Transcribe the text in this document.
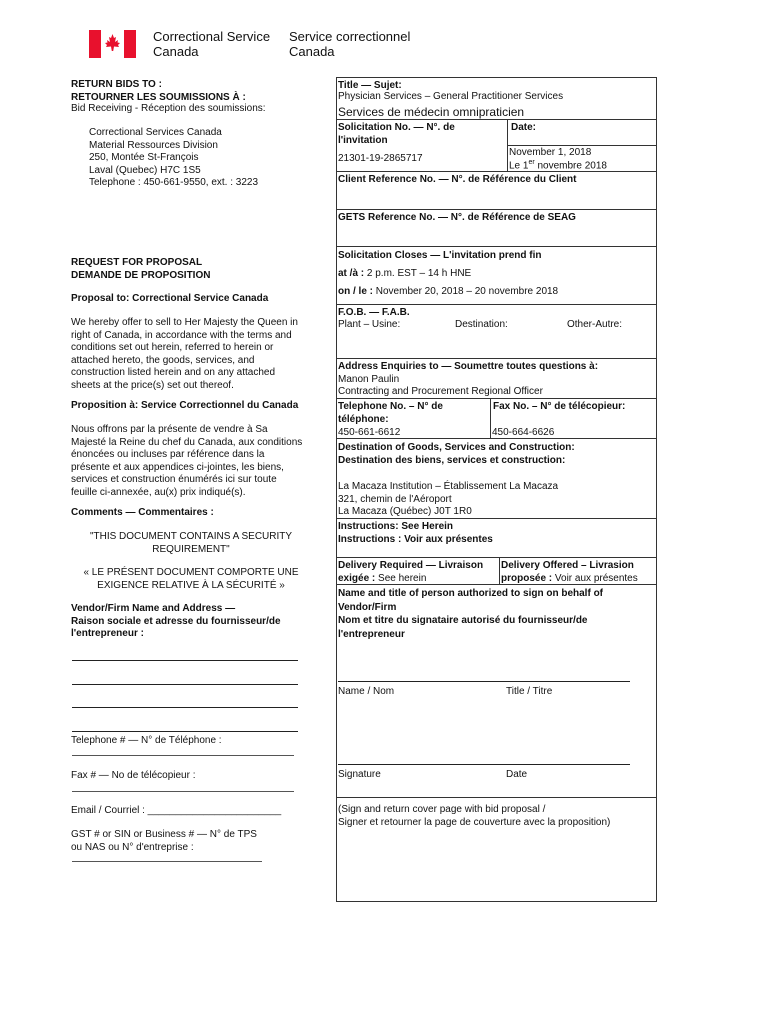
Correctional Service
Canada
Service correctionnel
Canada
RETURN BIDS TO :
RETOURNER LES SOUMISSIONS À :
Bid Receiving - Réception des soumissions:
Correctional Services Canada
Material Ressources Division
250, Montée St-François
Laval (Quebec) H7C 1S5
Telephone : 450-661-9550, ext. : 3223
REQUEST FOR PROPOSAL
DEMANDE DE PROPOSITION
Proposal to: Correctional Service Canada
We hereby offer to sell to Her Majesty the Queen in
right of Canada, in accordance with the terms and
conditions set out herein, referred to herein or
attached hereto, the goods, services, and
construction listed herein and on any attached
sheets at the price(s) set out thereof.
Proposition à: Service Correctionnel du Canada
Nous offrons par la présente de vendre à Sa
Majesté la Reine du chef du Canada, aux conditions
énoncées ou incluses par référence dans la
présente et aux appendices ci-jointes, les biens,
services et construction énumérés ici sur toute
feuille ci-annexée, au(x) prix indiqué(s).
Comments — Commentaires :
"THIS DOCUMENT CONTAINS A SECURITY
REQUIREMENT"
« LE PRÉSENT DOCUMENT COMPORTE UNE
EXIGENCE RELATIVE À LA SÉCURITÉ »
Vendor/Firm Name and Address —
Raison sociale et adresse du fournisseur/de
l'entrepreneur :
Telephone # — N° de Téléphone :
Fax # — No de télécopieur :
Email / Courriel : ________________________
GST # or SIN or Business # — N° de TPS
ou NAS ou N° d'entreprise :
Title — Sujet:
Physician Services – General Practitioner Services
Services de médecin omnipraticien
Solicitation No. — N°. de
l'invitation
21301-19-2865717
Date:
November 1, 2018
Le 1er novembre 2018
Client Reference No. — N°. de Référence du Client
GETS Reference No. — N°. de Référence de SEAG
Solicitation Closes — L'invitation prend fin
at /à : 2 p.m. EST – 14 h HNE
on / le : November 20, 2018 – 20 novembre 2018
F.O.B. — F.A.B.
Plant – Usine:	Destination:	Other-Autre:
Address Enquiries to — Soumettre toutes questions à:
Manon Paulin
Contracting and Procurement Regional Officer
Telephone No. – N° de
téléphone:
450-661-6612
Fax No. – N° de télécopieur:
450-664-6626
Destination of Goods, Services and Construction:
Destination des biens, services et construction:
La Macaza Institution – Établissement La Macaza
321, chemin de l'Aéroport
La Macaza (Québec) J0T 1R0
Instructions: See Herein
Instructions : Voir aux présentes
Delivery Required — Livraison
exigée : See herein
Delivery Offered – Livrasion
proposée : Voir aux présentes
Name and title of person authorized to sign on behalf of
Vendor/Firm
Nom et titre du signataire autorisé du fournisseur/de
l'entrepreneur
Name / Nom	Title / Titre
Signature	Date
(Sign and return cover page with bid proposal /
Signer et retourner la page de couverture avec la proposition)
